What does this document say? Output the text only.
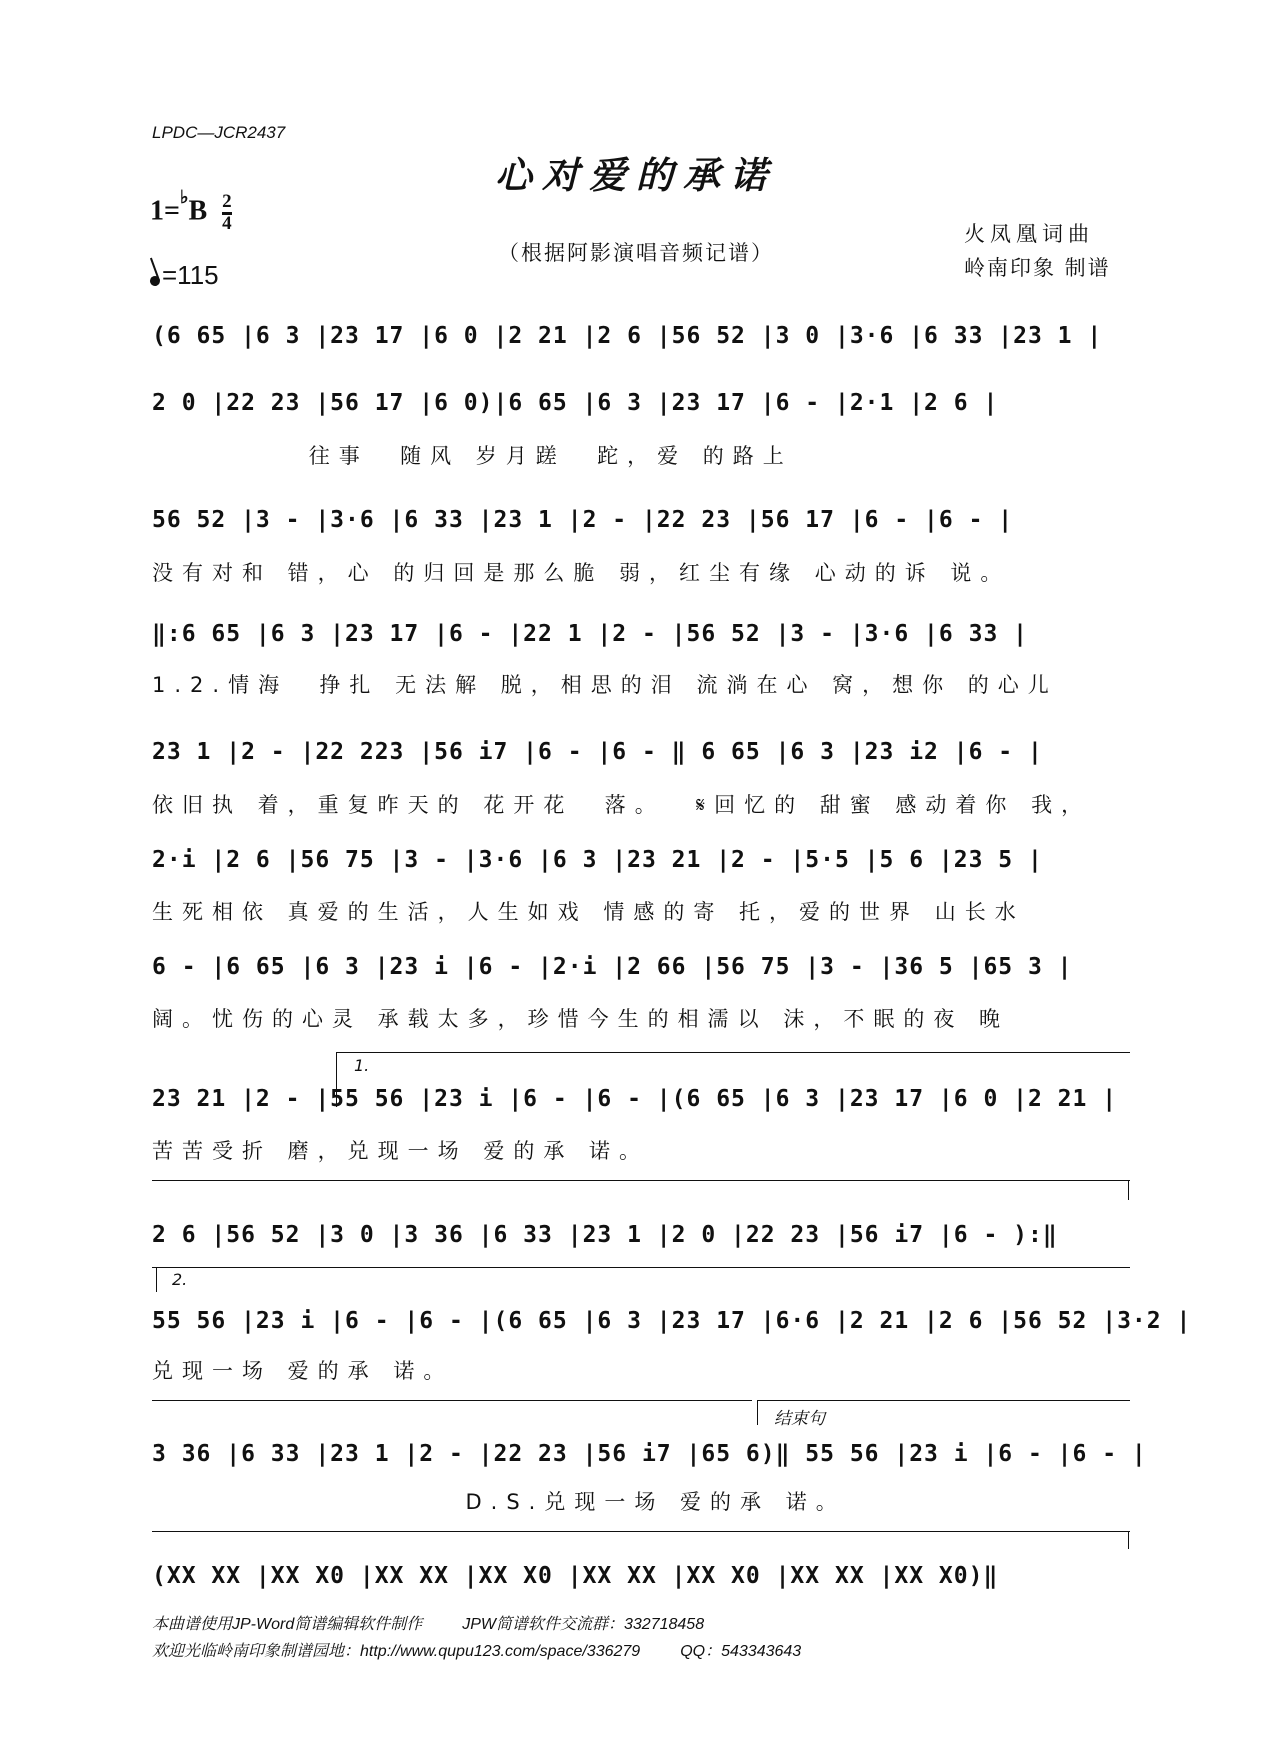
LPDC—JCR2437
心对爱的承诺
$1=^♭B \frac{2}{4}$
=115
（根据阿影演唱音频记谱）
火凤凰词曲
岭南印象 制谱
(6 65 |6 3 |23 17 |6 0 |2 21 |2 6 |56 52 |3 0 |3·6 |6 33 |23 1 |
2 0 |22 23 |56 17 |6 0)|6 65 |6 3 |23 17 |6 - |2·1 |2 6 |
往事  随风 岁月蹉  跎，爱 的路上
56 52 |3 - |3·6 |6 33 |23 1 |2 - |22 23 |56 17 |6 - |6 - |
没有对和 错，心 的归回是那么脆 弱，红尘有缘 心动的诉 说。
‖:6 65 |6 3 |23 17 |6 - |22 1 |2 - |56 52 |3 - |3·6 |6 33 |
1.2.情海  挣扎 无法解 脱，相思的泪 流淌在心 窝，想你 的心儿
23 1 |2 - |22 223 |56 i7 |6 - |6 - ‖ 6 65 |6 3 |23 i2 |6 - |
依旧执 着，重复昨天的 花开花  落。  𝄋回忆的 甜蜜 感动着你 我，
2·i |2 6 |56 75 |3 - |3·6 |6 3 |23 21 |2 - |5·5 |5 6 |23 5 |
生死相依 真爱的生活，人生如戏 情感的寄 托，爱的世界 山长水
6 - |6 65 |6 3 |23 i |6 - |2·i |2 66 |56 75 |3 - |36 5 |65 3 |
阔。忧伤的心灵 承载太多，珍惜今生的相濡以 沫，不眠的夜 晚
1.
23 21 |2 - |55 56 |23 i |6 - |6 - |(6 65 |6 3 |23 17 |6 0 |2 21 |
苦苦受折 磨，兑现一场 爱的承 诺。
2 6 |56 52 |3 0 |3 36 |6 33 |23 1 |2 0 |22 23 |56 i7 |6 - ):‖
2.
55 56 |23 i |6 - |6 - |(6 65 |6 3 |23 17 |6·6 |2 21 |2 6 |56 52 |3·2 |
兑现一场 爱的承 诺。
结束句
3 36 |6 33 |23 1 |2 - |22 23 |56 i7 |65 6)‖ 55 56 |23 i |6 - |6 - |
D.S.兑现一场 爱的承 诺。
(XX XX |XX X0 |XX XX |XX X0 |XX XX |XX X0 |XX XX |XX X0)‖
本曲谱使用JP-Word简谱编辑软件制作	JPW简谱软件交流群：332718458
欢迎光临岭南印象制谱园地：http://www.qupu123.com/space/336279	QQ：543343643
